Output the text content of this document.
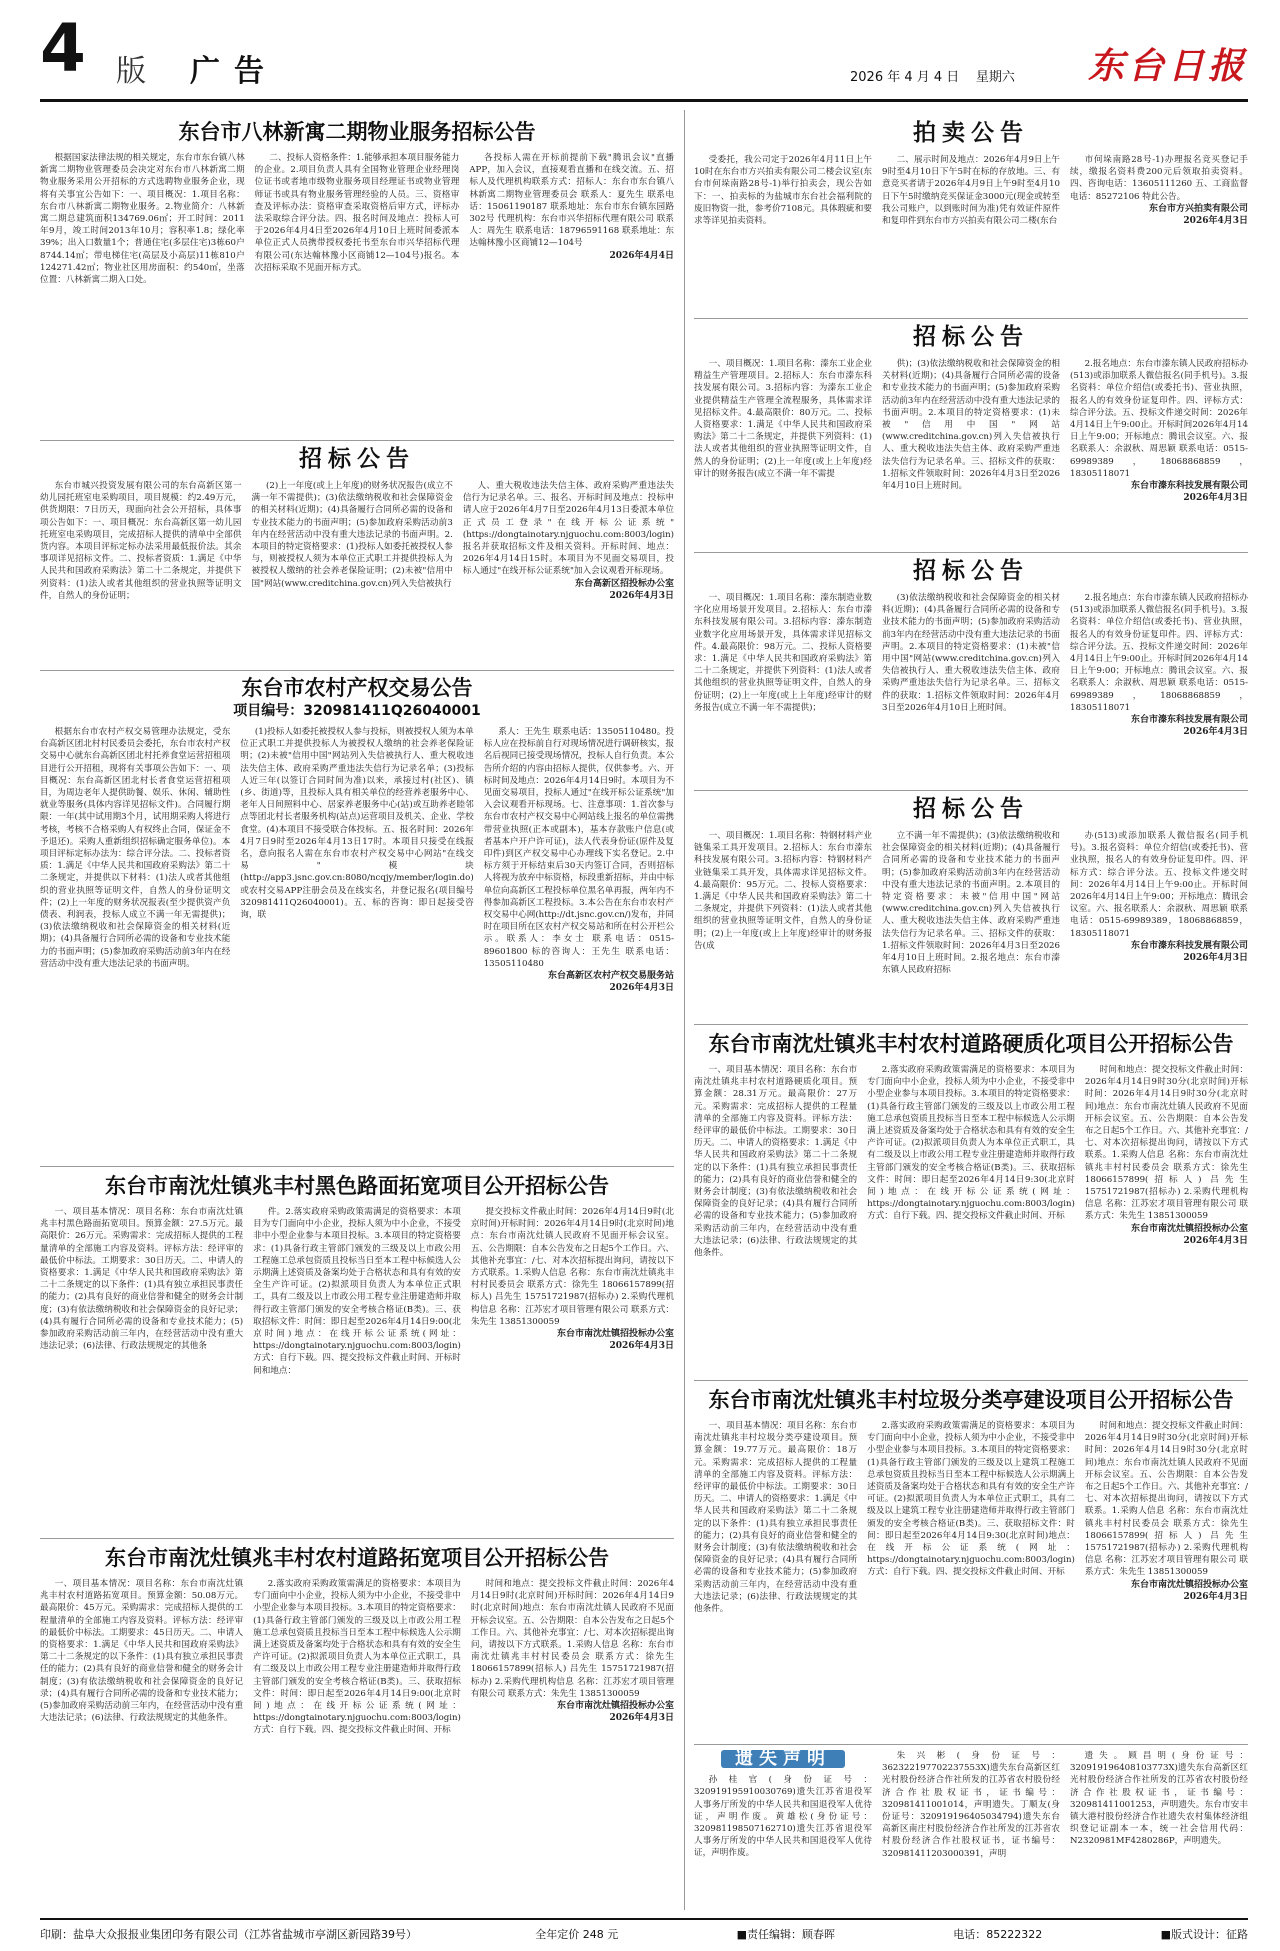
4 版 广告	2026 年 4 月 4 日 星期六 东台日报
东台市八林新寓二期物业服务招标公告
根据国家法律法规的相关规定，东台市东台镇八林新寓二期物业管理委员会决定对东台市八林新寓二期物业服务采用公开招标的方式选聘物业服务企业，现将有关事宜公告如下：一、项目概况：1.项目名称：东台市八林新寓二期物业服务。2.物业简介：八林新寓二期总建筑面积134769.06㎡；开工时间：2011年9月，竣工时间2013年10月；容积率1.8；绿化率39%；出入口数量1个；普通住宅(多层住宅)3栋60户8744.14㎡；带电梯住宅(高层及小高层)11栋810户124271.42㎡；物业社区用房面积：约540㎡，坐落位置：八林新寓二期入口处。
二、投标人资格条件：1.能够承担本项目服务能力的企业。2.项目负责人具有全国物业管理企业经理岗位证书或者地市级物业服务项目经理证书或物业管理师证书或具有物业服务管理经验的人员。三、资格审查及评标办法：资格审查采取资格后审方式，评标办法采取综合评分法。四、报名时间及地点：投标人可于2026年4月4日至2026年4月10日上班时间委派本单位正式人员携带授权委托书至东台市兴华招标代理有限公司(东达翰林豫小区商铺12—104号)报名。本次招标采取不见面开标方式。
各投标人需在开标前提前下载"腾讯会议"直播APP，加入会议，直接观看直播和在线交流。五、招标人及代理机构联系方式：招标人：东台市东台镇八林新寓二期物业管理委员会 联系人：夏先生 联系电话：15061190187 联系地址：东台市东台镇东园路302号 代理机构：东台市兴华招标代理有限公司 联系人：周先生 联系电话：18796591168 联系地址：东达翰林豫小区商铺12—104号
2026年4月4日
招标公告
东台市城兴投资发展有限公司的东台高新区第一幼儿园托班室电采购项目，项目规模：约2.49万元，供货期限：7日历天，现面向社会公开招标，具体事项公告如下：一、项目概况：东台高新区第一幼儿园托班室电采购项目，完成招标人提供的清单中全部供货内容。本项目评标定标办法采用最低报价法。其余事项详见招标文件。二、投标者资质：1.满足《中华人民共和国政府采购法》第二十二条规定，并提供下列资料：(1)法人或者其他组织的营业执照等证明文件，自然人的身份证明；
(2)上一年度(或上上年度)的财务状况报告(成立不满一年不需提供)；(3)依法缴纳税收和社会保障资金的相关材料(近期)；(4)具备履行合同所必需的设备和专业技术能力的书面声明；(5)参加政府采购活动前3年内在经营活动中没有重大违法记录的书面声明。2.本项目的特定资格要求：(1)投标人如委托被授权人参与，则被授权人须为本单位正式职工并提供投标人为被授权人缴纳的社会养老保险证明；(2)未被"信用中国"网站(www.creditchina.gov.cn)列入失信被执行
人、重大税收违法失信主体、政府采购严重违法失信行为记录名单。三、报名、开标时间及地点：投标申请人应于2026年4月7日至2026年4月13日委派本单位正式员工登录"在线开标公证系统"(https://dongtainotary.njguochu.com:8003/login)报名并获取招标文件及相关资料。开标时间、地点：2026年4月14日15时。本项目为不见面交易项目，投标人通过"在线开标公证系统"加入会议观看开标现场。
东台高新区招投标办公室
2026年4月3日
东台市农村产权交易公告
项目编号：320981411Q26040001
根据东台市农村产权交易管理办法规定，受东台高新区团北村村民委员会委托，东台市农村产权交易中心就东台高新区团北村托养食堂运营招租项目进行公开招租，现将有关事项公告如下：一、项目概况：东台高新区团北村长者食堂运营招租项目，为周边老年人提供助餐、娱乐、休闲、辅助性就业等服务(具体内容详见招标文件)。合同履行期限：一年(其中试用期3个月，试用期采购人将进行考核，考核不合格采购人有权终止合同，保证金不予退还)。采购人重新组织招标确定服务单位)。本项目评标定标办法为：综合评分法。二、投标者资质：1.满足《中华人民共和国政府采购法》第二十二条规定，并提供以下材料：(1)法人或者其他组织的营业执照等证明文件，自然人的身份证明文件；(2)上一年度的财务状况报表(至少提供资产负债表、利润表，投标人成立不满一年无需提供)；(3)依法缴纳税收和社会保障资金的相关材料(近期)；(4)具备履行合同所必需的设备和专业技术能力的书面声明；(5)参加政府采购活动前3年内在经营活动中没有重大违法记录的书面声明。
(1)投标人如委托被授权人参与投标，则被授权人须为本单位正式职工并提供投标人为被授权人缴纳的社会养老保险证明；(2)未被"信用中国"网站列入失信被执行人、重大税收违法失信主体、政府采购严重违法失信行为记录名单；(3)投标人近三年(以签订合同时间为准)以来，承接过村(社区)、镇(乡、街道)等，且投标人具有相关单位的经营养老服务中心、老年人日间照料中心、居家养老服务中心(站)或互助养老睦邻点等团北村长者服务机构(站点)运营项目及机关、企业、学校食堂。(4)本项目不接受联合体投标。五、报名时间：2026年4月7日9时至2026年4月13日17时。本项目只接受在线报名，意向报名人需在东台市农村产权交易中心网站"在线交易"模块(http://app3.jsnc.gov.cn:8080/ncqjy/member/login.do)或农村交易APP注册会员及在线实名，并登记报名(项目编号320981411Q26040001)。五、标的咨询：即日起接受咨询，联
系人：王先生 联系电话：13505110480。投标人应在投标前自行对现场情况进行调研核实，报名后视同已接受现场情况，投标人自行负责。本公告所介绍的内容由招标人提供，仅供参考。六、开标时间及地点：2026年4月14日9时。本项目为不见面交易项目，投标人通过"在线开标公证系统"加入会议观看开标现场。七、注意事项：1.首次参与东台市农村产权交易中心网站线上报名的单位需携带营业执照(正本或副本)，基本存款账户信息(或者基本户开户许可证)，法人代表身份证(原件及复印件)到区产权交易中心办理线下实名登记。2.中标方须于开标结束后30天内签订合同，否则招标人将视为放弃中标资格，标段重新招标，并由中标单位向高新区工程投标单位黑名单再报，两年内不得参加高新区工程投标。3.本公告在东台市农村产权交易中心网(http://dt.jsnc.gov.cn/)发布，并同时在项目所在区农村产权交易站和所在村公开栏公示。联系人：李女士 联系电话：0515-89601800 标的咨询人：王先生 联系电话：13505110480
东台高新区农村产权交易服务站
2026年4月3日
东台市南沈灶镇兆丰村黑色路面拓宽项目公开招标公告
一、项目基本情况：项目名称：东台市南沈灶镇兆丰村黑色路面拓宽项目。预算金额：27.5万元。最高限价：26万元。采购需求：完成招标人提供的工程量清单的全部施工内容及资料。评标方法：经评审的最低价中标法。工期要求：30日历天。二、申请人的资格要求：1.满足《中华人民共和国政府采购法》第二十二条规定的以下条件：(1)具有独立承担民事责任的能力；(2)具有良好的商业信誉和健全的财务会计制度；(3)有依法缴纳税收和社会保障资金的良好记录；(4)具有履行合同所必需的设备和专业技术能力；(5)参加政府采购活动前三年内，在经营活动中没有重大违法记录；(6)法律、行政法规规定的其他条
件。2.落实政府采购政策需满足的资格要求：本项目为专门面向中小企业，投标人须为中小企业，不接受非中小型企业参与本项目投标。3.本项目的特定资格要求：(1)具备行政主管部门颁发的三级及以上市政公用工程施工总承包资质且投标当日至本工程中标候选人公示期满上述资质及备案均处于合格状态和具有有效的安全生产许可证。(2)拟派项目负责人为本单位正式职工，具有二级及以上市政公用工程专业注册建造师并取得行政主管部门颁发的安全考核合格证(B类)。三、获取招标文件：时间：即日起至2026年4月14日9:00(北京时间)地点：在线开标公证系统(网址：https://dongtainotary.njguochu.com:8003/login)方式：自行下载。四、提交投标文件截止时间、开标时间和地点：
提交投标文件截止时间：2026年4月14日9时(北京时间)开标时间：2026年4月14日9时(北京时间)地点：东台市南沈灶镇人民政府不见面开标会议室。五、公告期限：自本公告发布之日起5个工作日。六、其他补充事宜：/七、对本次招标提出询问，请按以下方式联系。1.采购人信息 名称：东台市南沈灶镇兆丰村村民委员会 联系方式：徐先生 18066157899(招标人) 吕先生 15751721987(招标办) 2.采购代理机构信息 名称：江苏宏才项目管理有限公司 联系方式：朱先生 13851300059
东台市南沈灶镇招投标办公室
2026年4月3日
东台市南沈灶镇兆丰村农村道路拓宽项目公开招标公告
一、项目基本情况：项目名称：东台市南沈灶镇兆丰村农村道路拓宽项目。预算金额：50.08万元。最高限价：45万元。采购需求：完成招标人提供的工程量清单的全部施工内容及资料。评标方法：经评审的最低价中标法。工期要求：45日历天。二、申请人的资格要求：1.满足《中华人民共和国政府采购法》第二十二条规定的以下条件：(1)具有独立承担民事责任的能力；(2)具有良好的商业信誉和健全的财务会计制度；(3)有依法缴纳税收和社会保障资金的良好记录；(4)具有履行合同所必需的设备和专业技术能力；(5)参加政府采购活动前三年内，在经营活动中没有重大违法记录；(6)法律、行政法规规定的其他条件。
2.落实政府采购政策需满足的资格要求：本项目为专门面向中小企业，投标人须为中小企业，不接受非中小型企业参与本项目投标。3.本项目的特定资格要求：(1)具备行政主管部门颁发的三级及以上市政公用工程施工总承包资质且投标当日至本工程中标候选人公示期满上述资质及备案均处于合格状态和具有有效的安全生产许可证。(2)拟派项目负责人为本单位正式职工，具有二级及以上市政公用工程专业注册建造师并取得行政主管部门颁发的安全考核合格证(B类)。三、获取招标文件：时间：即日起至2026年4月14日9:00(北京时间)地点：在线开标公证系统(网址：https://dongtainotary.njguochu.com:8003/login)方式：自行下载。四、提交投标文件截止时间、开标
时间和地点：提交投标文件截止时间：2026年4月14日9时(北京时间)开标时间：2026年4月14日9时(北京时间)地点：东台市南沈灶镇人民政府不见面开标会议室。五、公告期限：自本公告发布之日起5个工作日。六、其他补充事宜：/七、对本次招标提出询问，请按以下方式联系。1.采购人信息 名称：东台市南沈灶镇兆丰村村民委员会 联系方式：徐先生 18066157899(招标人) 吕先生 15751721987(招标办) 2.采购代理机构信息 名称：江苏宏才项目管理有限公司 联系方式：朱先生 13851300059
东台市南沈灶镇招投标办公室
2026年4月3日
拍卖公告
受委托，我公司定于2026年4月11日上午10时在东台市方兴拍卖有限公司二楼会议室(东台市何垛南路28号-1)举行拍卖会，现公告如下：一、拍卖标的为盐城市东台社会福利院的废旧物资一批，参考价7108元。具体瑕疵和要求等详见拍卖资料。
二、展示时间及地点：2026年4月9日上午9时至4月10日下午5时在标的存放地。三、有意竞买者请于2026年4月9日上午9时至4月10日下午5时缴纳竞买保证金3000元(现金或转至我公司账户，以到账时间为准)凭有效证件原件和复印件到东台市方兴拍卖有限公司二楼(东台
市何垛南路28号-1)办理报名竞买登记手续，缴报名资料费200元后领取拍卖资料。四、咨询电话：13605111260 五、工商监督电话：85272106 特此公告。
东台市方兴拍卖有限公司
2026年4月3日
招标公告
一、项目概况：1.项目名称：溱东工业企业精益生产管理项目。2.招标人：东台市溱东科技发展有限公司。3.招标内容：为溱东工业企业提供精益生产管理全流程服务，具体需求详见招标文件。4.最高限价：80万元。二、投标人资格要求：1.满足《中华人民共和国政府采购法》第二十二条规定，并提供下列资料：(1)法人或者其他组织的营业执照等证明文件，自然人的身份证明；(2)上一年度(或上上年度)经审计的财务报告(成立不满一年不需提
供)；(3)依法缴纳税收和社会保障资金的相关材料(近期)；(4)具备履行合同所必需的设备和专业技术能力的书面声明；(5)参加政府采购活动前3年内在经营活动中没有重大违法记录的书面声明。2.本项目的特定资格要求：(1)未被"信用中国"网站(www.creditchina.gov.cn)列入失信被执行人、重大税收违法失信主体、政府采购严重违法失信行为记录名单。三、招标文件的获取：1.招标文件领取时间：2026年4月3日至2026年4月10日上班时间。
2.报名地点：东台市溱东镇人民政府招标办(513)或添加联系人微信报名(同手机号)。3.报名资料：单位介绍信(或委托书)、营业执照，报名人的有效身份证复印件。四、评标方式：综合评分法。五、投标文件递交时间：2026年4月14日上午9:00止。开标时间2026年4月14日上午9:00；开标地点：腾讯会议室。六、报名联系人：余淑秋、周思颖 联系电话：0515-69989389，18068868859，18305118071
东台市溱东科技发展有限公司
2026年4月3日
招标公告
一、项目概况：1.项目名称：溱东制造业数字化应用场景开发项目。2.招标人：东台市溱东科技发展有限公司。3.招标内容：溱东制造业数字化应用场景开发，具体需求详见招标文件。4.最高限价：98万元。二、投标人资格要求：1.满足《中华人民共和国政府采购法》第二十二条规定，并提供下列资料：(1)法人或者其他组织的营业执照等证明文件，自然人的身份证明；(2)上一年度(或上上年度)经审计的财务报告(成立不满一年不需提供)；
(3)依法缴纳税收和社会保障资金的相关材料(近期)；(4)具备履行合同所必需的设备和专业技术能力的书面声明；(5)参加政府采购活动前3年内在经营活动中没有重大违法记录的书面声明。2.本项目的特定资格要求：(1)未被"信用中国"网站(www.creditchina.gov.cn)列入失信被执行人、重大税收违法失信主体、政府采购严重违法失信行为记录名单。三、招标文件的获取：1.招标文件领取时间：2026年4月3日至2026年4月10日上班时间。
2.报名地点：东台市溱东镇人民政府招标办(513)或添加联系人微信报名(同手机号)。3.报名资料：单位介绍信(或委托书)、营业执照，报名人的有效身份证复印件。四、评标方式：综合评分法。五、投标文件递交时间：2026年4月14日上午9:00止。开标时间2026年4月14日上午9:00；开标地点：腾讯会议室。六、报名联系人：余淑秋、周思颖 联系电话：0515-69989389，18068868859，18305118071
东台市溱东科技发展有限公司
2026年4月3日
招标公告
一、项目概况：1.项目名称：特钢材料产业链集采工具开发项目。2.招标人：东台市溱东科技发展有限公司。3.招标内容：特钢材料产业链集采工具开发，具体需求详见招标文件。4.最高限价：95万元。二、投标人资格要求：1.满足《中华人民共和国政府采购法》第二十二条规定，并提供下列资料：(1)法人或者其他组织的营业执照等证明文件，自然人的身份证明；(2)上一年度(或上上年度)经审计的财务报告(成
立不满一年不需提供)；(3)依法缴纳税收和社会保障资金的相关材料(近期)；(4)具备履行合同所必需的设备和专业技术能力的书面声明；(5)参加政府采购活动前3年内在经营活动中没有重大违法记录的书面声明。2.本项目的特定资格要求：未被"信用中国"网站(www.creditchina.gov.cn)列入失信被执行人、重大税收违法失信主体、政府采购严重违法失信行为记录名单。三、招标文件的获取：1.招标文件领取时间：2026年4月3日至2026年4月10日上班时间。2.报名地点：东台市溱东镇人民政府招标
办(513)或添加联系人微信报名(同手机号)。3.报名资料：单位介绍信(或委托书)、营业执照，报名人的有效身份证复印件。四、评标方式：综合评分法。五、投标文件递交时间：2026年4月14日上午9:00止。开标时间2026年4月14日上午9:00；开标地点：腾讯会议室。六、报名联系人：余淑秋、周思颖 联系电话：0515-69989389，18068868859，18305118071
东台市溱东科技发展有限公司
2026年4月3日
东台市南沈灶镇兆丰村农村道路硬质化项目公开招标公告
一、项目基本情况：项目名称：东台市南沈灶镇兆丰村农村道路硬质化项目。预算金额：28.31万元。最高限价：27万元。采购需求：完成招标人提供的工程量清单的全部施工内容及资料。评标方法：经评审的最低价中标法。工期要求：30日历天。二、申请人的资格要求：1.满足《中华人民共和国政府采购法》第二十二条规定的以下条件：(1)具有独立承担民事责任的能力；(2)具有良好的商业信誉和健全的财务会计制度；(3)有依法缴纳税收和社会保障资金的良好记录；(4)具有履行合同所必需的设备和专业技术能力；(5)参加政府采购活动前三年内，在经营活动中没有重大违法记录；(6)法律、行政法规规定的其他条件。
2.落实政府采购政策需满足的资格要求：本项目为专门面向中小企业，投标人须为中小企业，不接受非中小型企业参与本项目投标。3.本项目的特定资格要求：(1)具备行政主管部门颁发的三级及以上市政公用工程施工总承包资质且投标当日至本工程中标候选人公示期满上述资质及备案均处于合格状态和具有有效的安全生产许可证。(2)拟派项目负责人为本单位正式职工，具有二级及以上市政公用工程专业注册建造师并取得行政主管部门颁发的安全考核合格证(B类)。三、获取招标文件：时间：即日起至2026年4月14日9:30(北京时间)地点：在线开标公证系统(网址：https://dongtainotary.njguochu.com:8003/login)方式：自行下载。四、提交投标文件截止时间、开标
时间和地点：提交投标文件截止时间：2026年4月14日9时30分(北京时间)开标时间：2026年4月14日9时30分(北京时间)地点：东台市南沈灶镇人民政府不见面开标会议室。五、公告期限：自本公告发布之日起5个工作日。六、其他补充事宜：/七、对本次招标提出询问，请按以下方式联系。1.采购人信息 名称：东台市南沈灶镇兆丰村村民委员会 联系方式：徐先生 18066157899(招标人) 吕先生 15751721987(招标办) 2.采购代理机构信息 名称：江苏宏才项目管理有限公司 联系方式：朱先生 13851300059
东台市南沈灶镇招投标办公室
2026年4月3日
东台市南沈灶镇兆丰村垃圾分类亭建设项目公开招标公告
一、项目基本情况：项目名称：东台市南沈灶镇兆丰村垃圾分类亭建设项目。预算金额：19.77万元。最高限价：18万元。采购需求：完成招标人提供的工程量清单的全部施工内容及资料。评标方法：经评审的最低价中标法。工期要求：30日历天。二、申请人的资格要求：1.满足《中华人民共和国政府采购法》第二十二条规定的以下条件：(1)具有独立承担民事责任的能力；(2)具有良好的商业信誉和健全的财务会计制度；(3)有依法缴纳税收和社会保障资金的良好记录；(4)具有履行合同所必需的设备和专业技术能力；(5)参加政府采购活动前三年内，在经营活动中没有重大违法记录；(6)法律、行政法规规定的其他条件。
2.落实政府采购政策需满足的资格要求：本项目为专门面向中小企业，投标人须为中小企业，不接受非中小型企业参与本项目投标。3.本项目的特定资格要求：(1)具备行政主管部门颁发的三级及以上建筑工程施工总承包资质且投标当日至本工程中标候选人公示期满上述资质及备案均处于合格状态和具有有效的安全生产许可证。(2)拟派项目负责人为本单位正式职工，具有二级及以上建筑工程专业注册建造师并取得行政主管部门颁发的安全考核合格证(B类)。三、获取招标文件：时间：即日起至2026年4月14日9:30(北京时间)地点：在线开标公证系统(网址：https://dongtainotary.njguochu.com:8003/login)方式：自行下载。四、提交投标文件截止时间、开标
时间和地点：提交投标文件截止时间：2026年4月14日9时30分(北京时间)开标时间：2026年4月14日9时30分(北京时间)地点：东台市南沈灶镇人民政府不见面开标会议室。五、公告期限：自本公告发布之日起5个工作日。六、其他补充事宜：/七、对本次招标提出询问，请按以下方式联系。1.采购人信息 名称：东台市南沈灶镇兆丰村村民委员会 联系方式：徐先生 18066157899(招标人) 吕先生 15751721987(招标办) 2.采购代理机构信息 名称：江苏宏才项目管理有限公司 联系方式：朱先生 13851300059
东台市南沈灶镇招投标办公室
2026年4月3日
遗失声明
孙桂官(身份证号：320919195910030769)遗失江苏省退役军人事务厅所发的中华人民共和国退役军人优待证，声明作废。黄雄松(身份证号：320981198507162710)遗失江苏省退役军人事务厅所发的中华人民共和国退役军人优待证，声明作废。
朱兴彬(身份证号：362322197702237553X)遗失东台高新区红光村股份经济合作社所发的江苏省农村股份经济合作社股权证书，证书编号：320981411001014，声明遗失。丁顺友(身份证号：320919196405034794)遗失东台高新区南庄村股份经济合作社所发的江苏省农村股份经济合作社股权证书，证书编号：320981411203000391，声明
遗失。顾昌明(身份证号：320919196408103773X)遗失东台高新区红光村股份经济合作社所发的江苏省农村股份经济合作社股权证书，证书编号：320981411001253，声明遗失。东台市安丰镇大港村股份经济合作社遗失农村集体经济组织登记证副本一本，统一社会信用代码：N2320981MF4280286P，声明遗失。
印刷：盐阜大众报报业集团印务有限公司（江苏省盐城市亭湖区新园路39号）	全年定价 248 元	■责任编辑：顾春晖	电话：85222322	■版式设计：征路
